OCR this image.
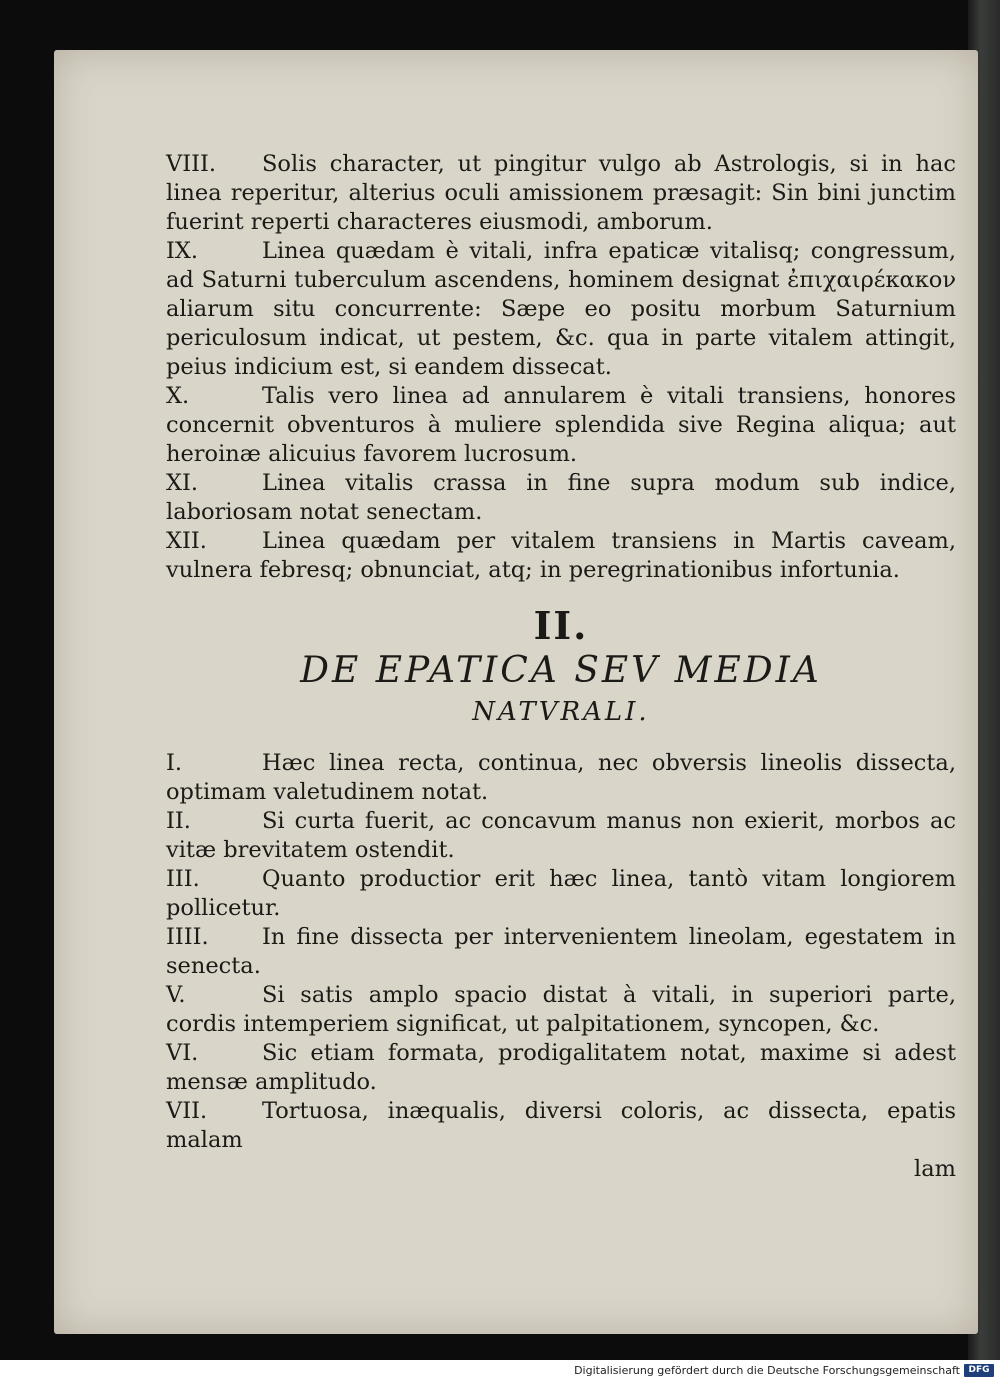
VIII. Solis character, ut pingitur vulgo ab Astrologis, si in hac linea reperitur, alterius oculi amissionem præsagit: Sin bini junctim fuerint reperti characteres eiusmodi, amborum.

IX.	Linea quædam è vitali, infra epaticæ vitalisq; congressum, ad Saturni tuberculum ascendens, hominem designat ἐπιχαιρέκακον aliarum situ concurrente: Sæpe eo positu morbum Saturnium periculosum indicat, ut pestem, &c. qua in parte vitalem attingit, peius indicium est, si eandem dissecat.

X.	Talis vero linea ad annularem è vitali transiens, honores concernit obventuros à muliere splendida sive Regina aliqua; aut heroinæ alicuius favorem lucrosum.

XI.	Linea vitalis crassa in fine supra modum sub indice, laboriosam notat senectam.

XII. Linea quædam per vitalem transiens in Martis caveam, vulnera febresq; obnunciat, atq; in peregrinationibus infortunia.

II.

DE EPATICA SEV MEDIA

NATVRALI.

I.	Hæc linea recta, continua, nec obversis lineolis dissecta, optimam valetudinem notat.

II.	Si curta fuerit, ac concavum manus non exierit, morbos ac vitæ brevitatem ostendit.

III.	Quanto productior erit hæc linea, tantò vitam longiorem pollicetur.

IIII. In fine dissecta per intervenientem lineolam, egestatem in senecta.

V.	Si satis amplo spacio distat à vitali, in superiori parte, cordis intemperiem significat, ut palpitationem, syncopen, &c.

VI.	Sic etiam formata, prodigalitatem notat, maxime si adest mensæ amplitudo.

VII. Tortuosa, inæqualis, diversi coloris, ac dissecta, epatis malam

lam

Digitalisierung gefördert durch die Deutsche Forschungsgemeinschaft DFG
